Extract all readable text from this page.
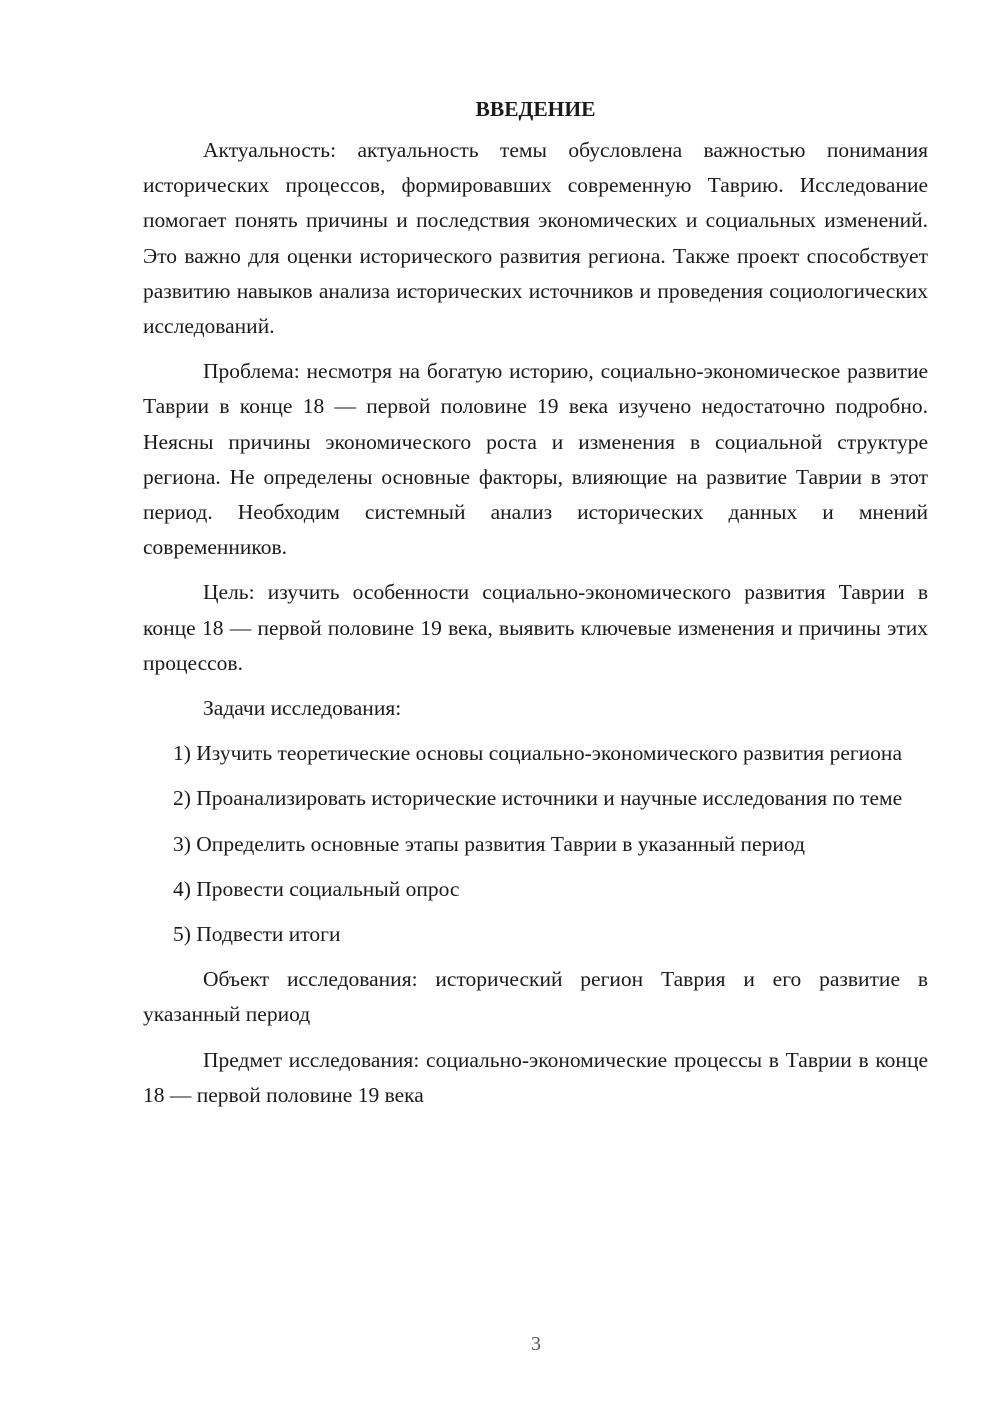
ВВЕДЕНИЕ

Актуальность: актуальность темы обусловлена важностью понимания исторических процессов, формировавших современную Таврию. Исследование помогает понять причины и последствия экономических и социальных изменений. Это важно для оценки исторического развития региона. Также проект способствует развитию навыков анализа исторических источников и проведения социологических исследований.

Проблема: несмотря на богатую историю, социально-экономическое развитие Таврии в конце 18 — первой половине 19 века изучено недостаточно подробно. Неясны причины экономического роста и изменения в социальной структуре региона. Не определены основные факторы, влияющие на развитие Таврии в этот период. Необходим системный анализ исторических данных и мнений современников.

Цель: изучить особенности социально-экономического развития Таврии в конце 18 — первой половине 19 века, выявить ключевые изменения и причины этих процессов.

Задачи исследования:

1) Изучить теоретические основы социально-экономического развития региона

2) Проанализировать исторические источники и научные исследования по теме

3) Определить основные этапы развития Таврии в указанный период

4) Провести социальный опрос

5) Подвести итоги

Объект исследования: исторический регион Таврия и его развитие в указанный период

Предмет исследования: социально-экономические процессы в Таврии в конце 18 — первой половине 19 века

3
